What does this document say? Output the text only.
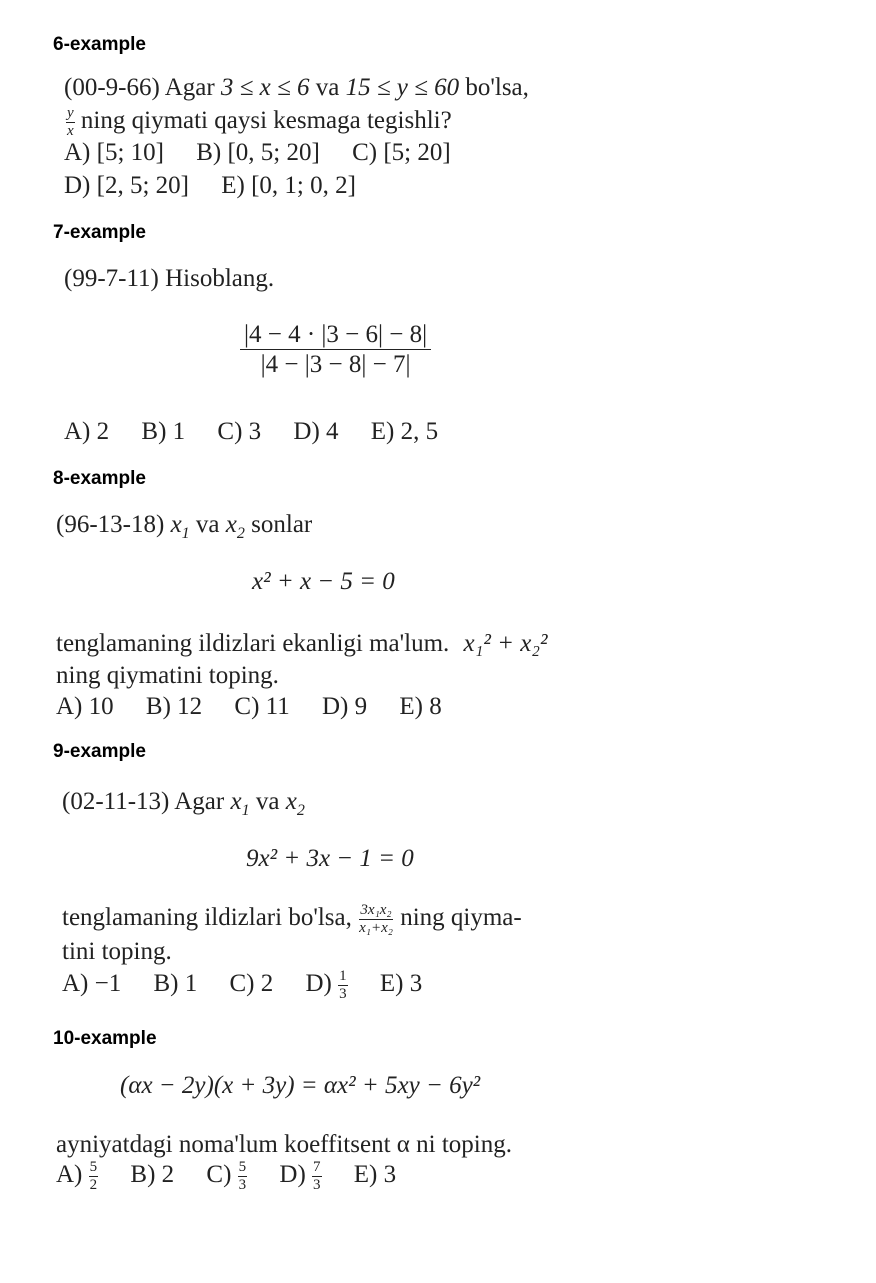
6-example
(00-9-66) Agar 3 ≤ x ≤ 6 va 15 ≤ y ≤ 60 bo'lsa,
$\frac{y}{x}$ ning qiymati qaysi kesmaga tegishli?
A) [5; 10] B) [0, 5; 20] C) [5; 20]
D) [2, 5; 20] E) [0, 1; 0, 2]
7-example
(99-7-11) Hisoblang.
$\frac{|4 - 4 \cdot |3 - 6| - 8|}{|4 - |3 - 8| - 7|}$
A) 2 B) 1 C) 3 D) 4 E) 2, 5
8-example
(96-13-18) $x_1$ va $x_2$ sonlar
x² + x − 5 = 0
tenglamaning ildizlari ekanligi ma'lum. x₁² + x₂²
ning qiymatini toping.
A) 10 B) 12 C) 11 D) 9 E) 8
9-example
(02-11-13) Agar $x_1$ va $x_2$
9x² + 3x − 1 = 0
tenglamaning ildizlari bo'lsa, $\frac{\text{3x₁x₂}}{\text{x₁+x₂}}$ ning qiyma-
tini toping.
A) −1 B) 1 C) 2 $D) \frac{1}{3} E$) 3
10-example
(αx − 2y)(x + 3y) = αx² + 5xy − 6y²
ayniyatdagi noma'lum koeffitsent α ni toping.
$A) \frac{5}{2} B$) 2 $C) \frac{5}{3} D) \frac{7}{3} E$) 3
